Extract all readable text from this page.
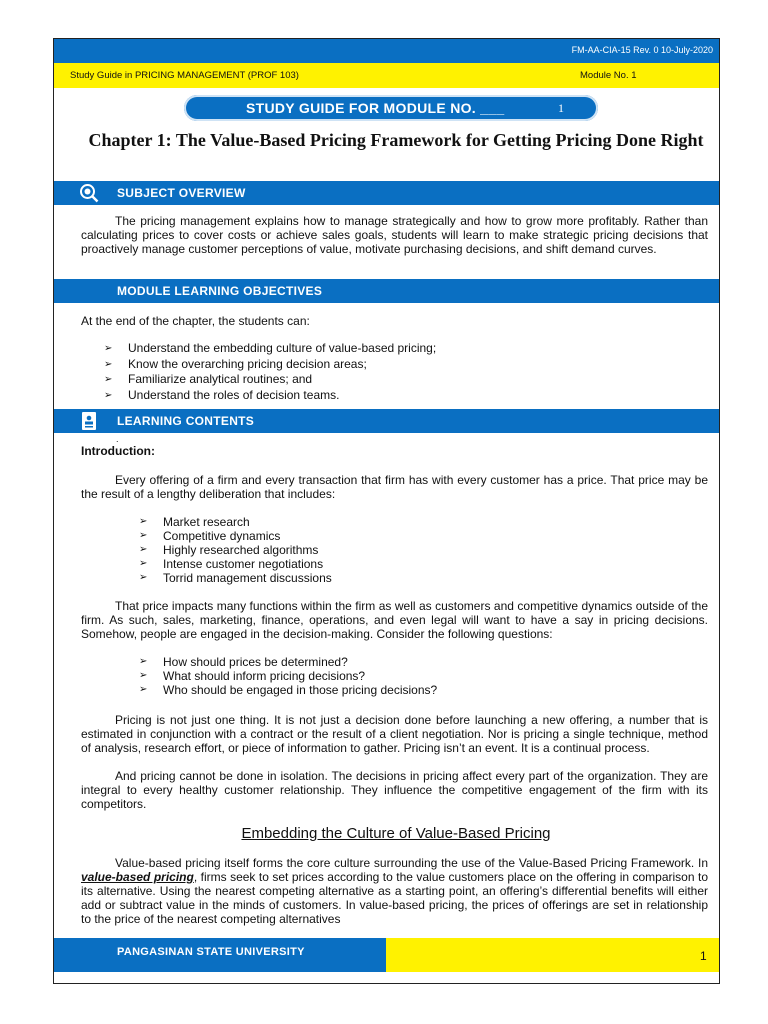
FM-AA-CIA-15 Rev. 0 10-July-2020
Study Guide in PRICING MANAGEMENT (PROF 103)	Module No. 1
STUDY GUIDE FOR MODULE NO. ___	1
Chapter 1: The Value-Based Pricing Framework for Getting Pricing Done Right
SUBJECT OVERVIEW
The pricing management explains how to manage strategically and how to grow more profitably. Rather than calculating prices to cover costs or achieve sales goals, students will learn to make strategic pricing decisions that proactively manage customer perceptions of value, motivate purchasing decisions, and shift demand curves.
MODULE LEARNING OBJECTIVES
At the end of the chapter, the students can:
➢ Understand the embedding culture of value-based pricing;
➢ Know the overarching pricing decision areas;
➢ Familiarize analytical routines; and
➢ Understand the roles of decision teams.
LEARNING CONTENTS
.
Introduction:
Every offering of a firm and every transaction that firm has with every customer has a price. That price may be the result of a lengthy deliberation that includes:
➢ Market research
➢ Competitive dynamics
➢ Highly researched algorithms
➢ Intense customer negotiations
➢ Torrid management discussions
That price impacts many functions within the firm as well as customers and competitive dynamics outside of the firm. As such, sales, marketing, finance, operations, and even legal will want to have a say in pricing decisions. Somehow, people are engaged in the decision-making. Consider the following questions:
➢ How should prices be determined?
➢ What should inform pricing decisions?
➢ Who should be engaged in those pricing decisions?
Pricing is not just one thing. It is not just a decision done before launching a new offering, a number that is estimated in conjunction with a contract or the result of a client negotiation. Nor is pricing a single technique, method of analysis, research effort, or piece of information to gather. Pricing isn’t an event. It is a continual process.
And pricing cannot be done in isolation. The decisions in pricing affect every part of the organization. They are integral to every healthy customer relationship. They influence the competitive engagement of the firm with its competitors.
Embedding the Culture of Value-Based Pricing
Value-based pricing itself forms the core culture surrounding the use of the Value-Based Pricing Framework. In value-based pricing, firms seek to set prices according to the value customers place on the offering in comparison to its alternative. Using the nearest competing alternative as a starting point, an offering’s differential benefits will either add or subtract value in the minds of customers. In value-based pricing, the prices of offerings are set in relationship to the price of the nearest competing alternatives
PANGASINAN STATE UNIVERSITY	1
